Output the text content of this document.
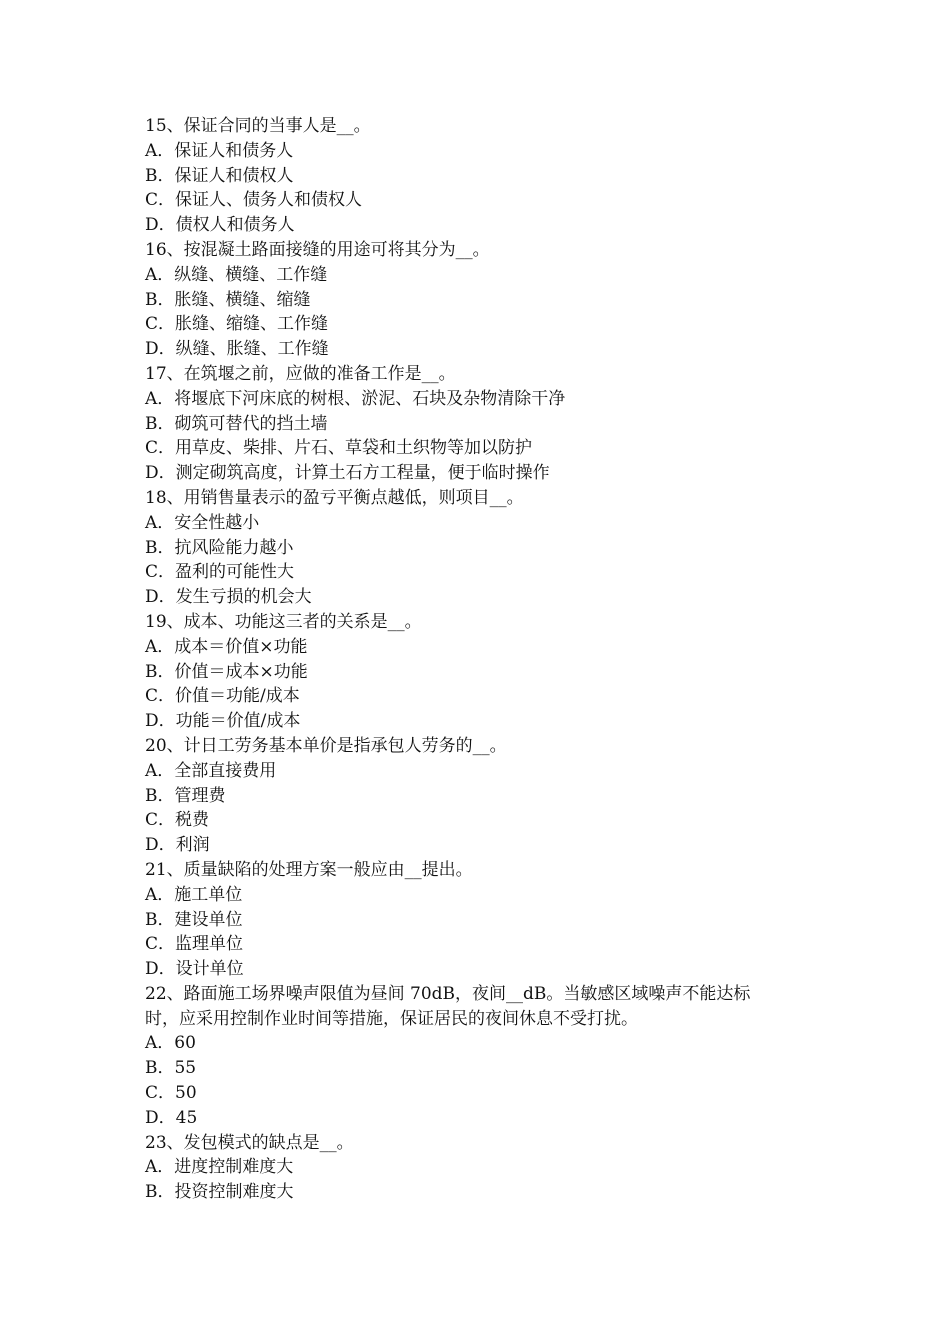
15、保证合同的当事人是__。

A．保证人和债务人

B．保证人和债权人

C．保证人、债务人和债权人

D．债权人和债务人

16、按混凝土路面接缝的用途可将其分为__。

A．纵缝、横缝、工作缝

B．胀缝、横缝、缩缝

C．胀缝、缩缝、工作缝

D．纵缝、胀缝、工作缝

17、在筑堰之前，应做的准备工作是__。

A．将堰底下河床底的树根、淤泥、石块及杂物清除干净

B．砌筑可替代的挡土墙

C．用草皮、柴排、片石、草袋和土织物等加以防护

D．测定砌筑高度，计算土石方工程量，便于临时操作

18、用销售量表示的盈亏平衡点越低，则项目__。

A．安全性越小

B．抗风险能力越小

C．盈利的可能性大

D．发生亏损的机会大

19、成本、功能这三者的关系是__。

A．成本＝价值×功能

B．价值＝成本×功能

C．价值＝功能/成本

D．功能＝价值/成本

20、计日工劳务基本单价是指承包人劳务的__。

A．全部直接费用

B．管理费

C．税费

D．利润

21、质量缺陷的处理方案一般应由__提出。

A．施工单位

B．建设单位

C．监理单位

D．设计单位

22、路面施工场界噪声限值为昼间 70dB，夜间__dB。当敏感区域噪声不能达标

时，应采用控制作业时间等措施，保证居民的夜间休息不受打扰。

A．60

B．55

C．50

D．45

23、发包模式的缺点是__。

A．进度控制难度大

B．投资控制难度大
